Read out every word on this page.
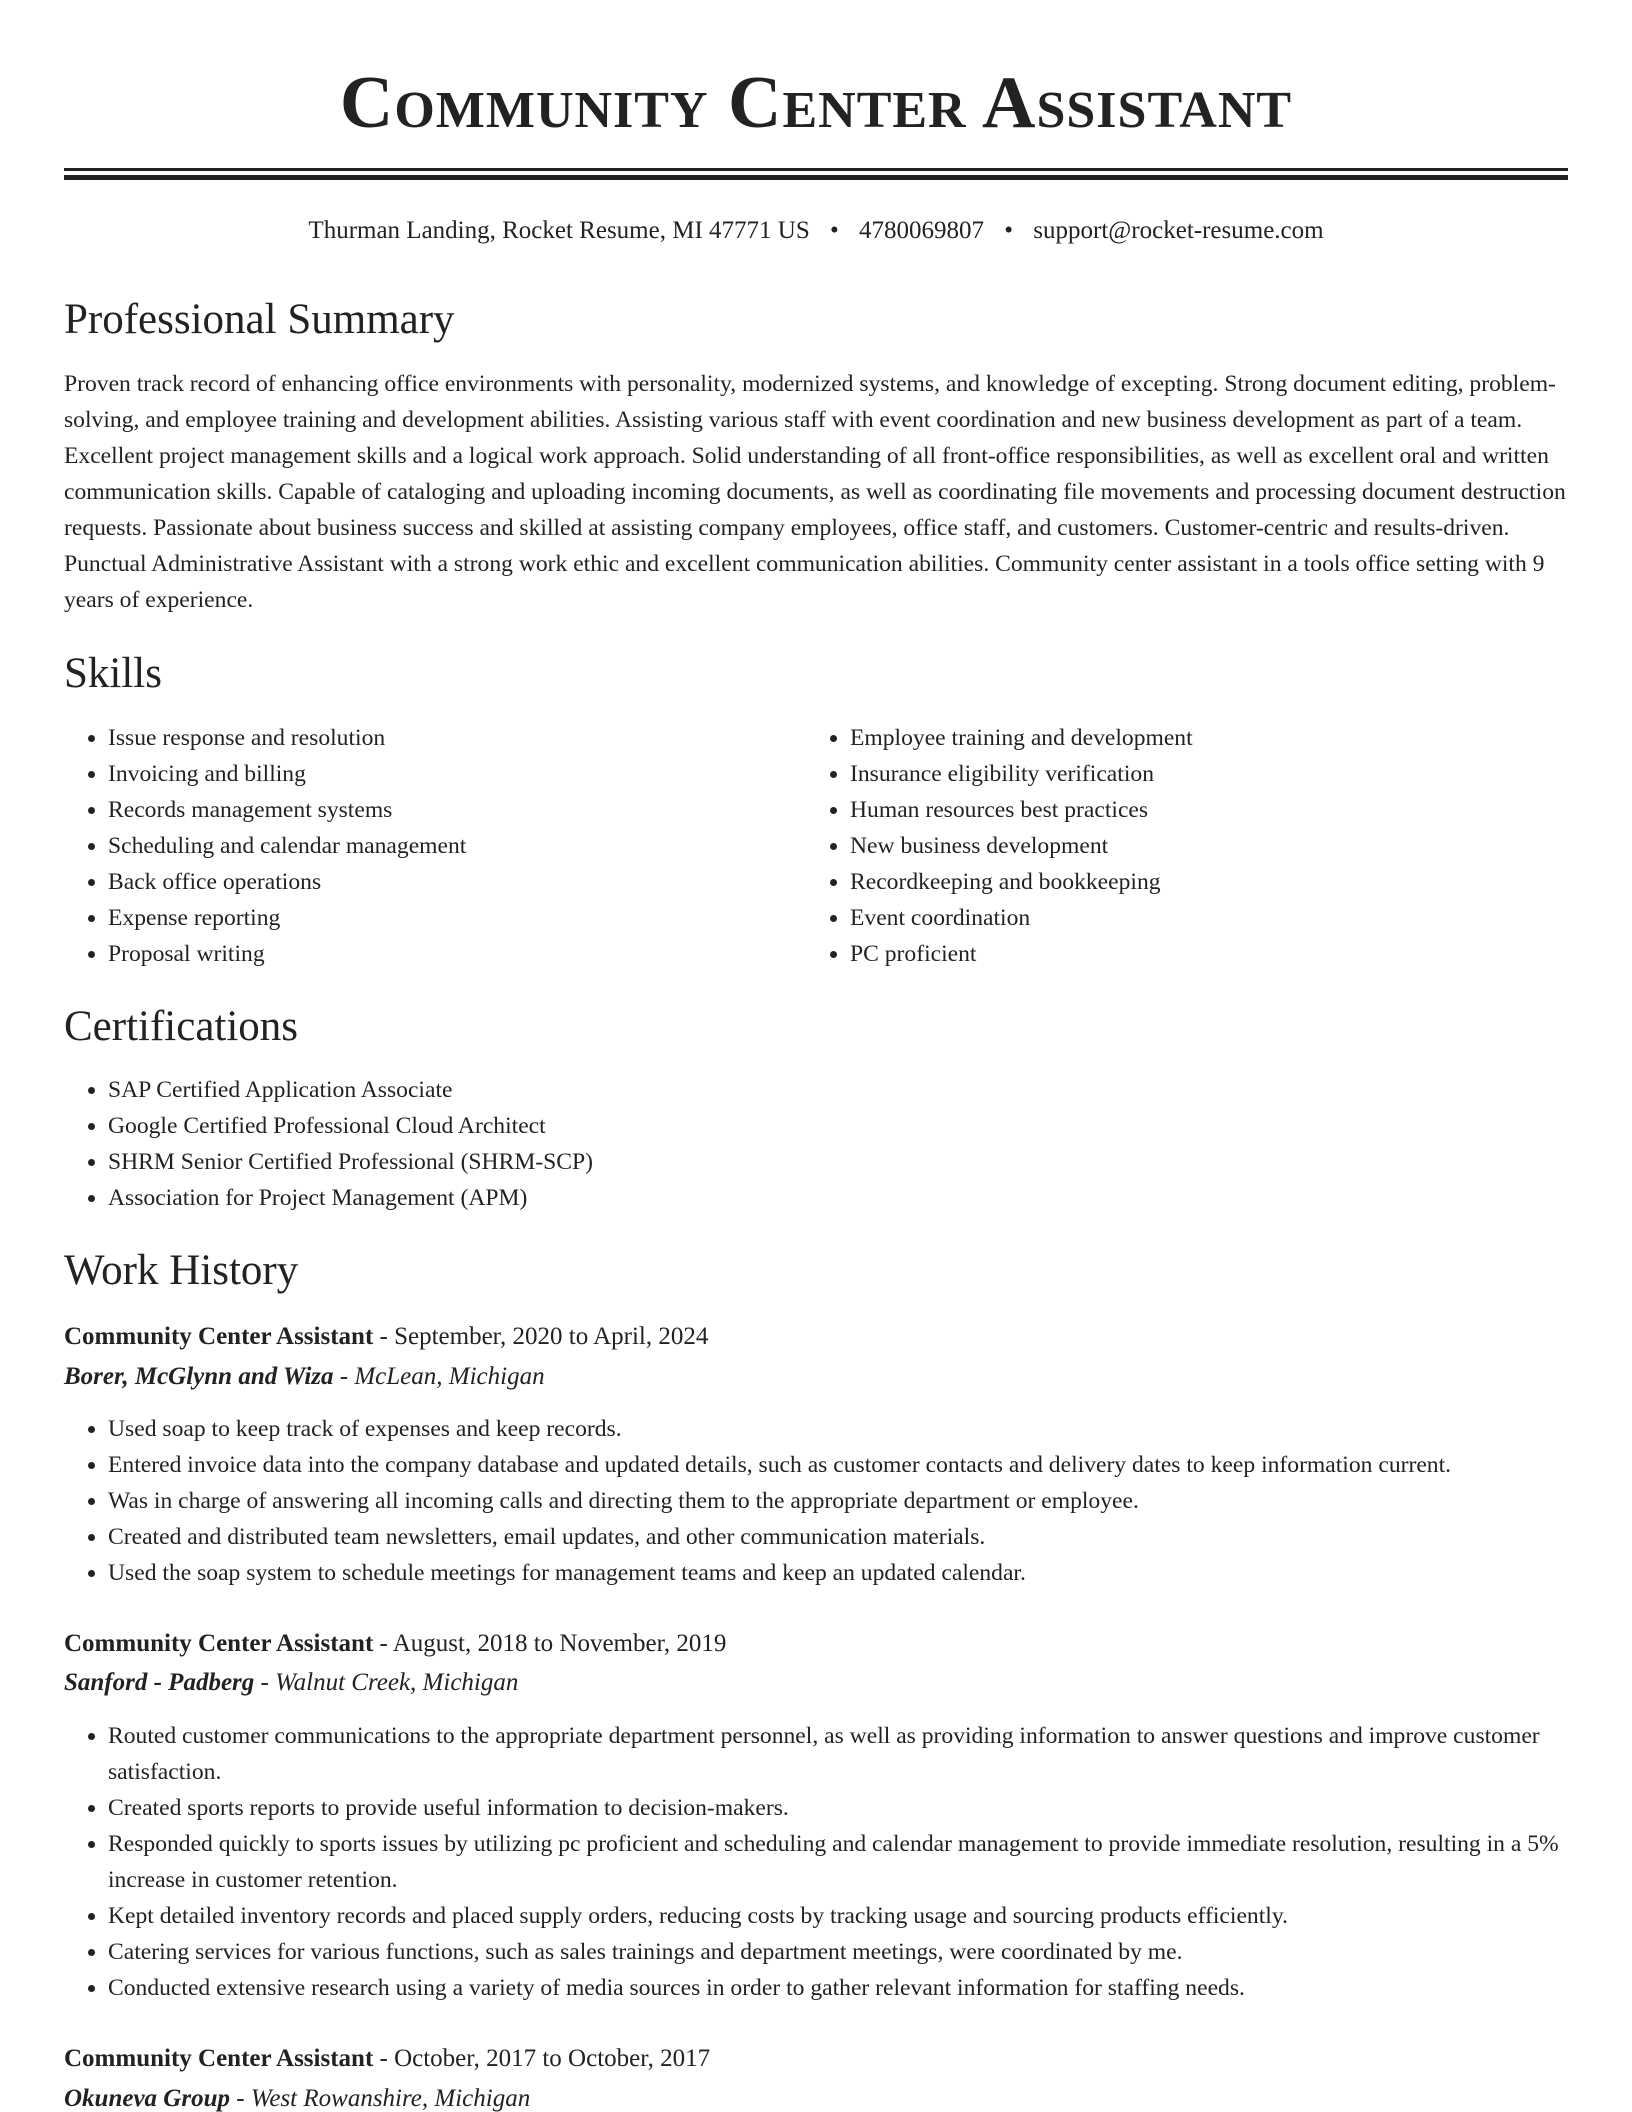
Community Center Assistant
Thurman Landing, Rocket Resume, MI 47771 US • 4780069807 • support@rocket-resume.com
Professional Summary

Proven track record of enhancing office environments with personality, modernized systems, and knowledge of excepting. Strong document editing, problem-solving, and employee training and development abilities. Assisting various staff with event coordination and new business development as part of a team. Excellent project management skills and a logical work approach. Solid understanding of all front-office responsibilities, as well as excellent oral and written communication skills. Capable of cataloging and uploading incoming documents, as well as coordinating file movements and processing document destruction requests. Passionate about business success and skilled at assisting company employees, office staff, and customers. Customer-centric and results-driven. Punctual Administrative Assistant with a strong work ethic and excellent communication abilities. Community center assistant in a tools office setting with 9 years of experience.

Skills
• Issue response and resolution
• Invoicing and billing
• Records management systems
• Scheduling and calendar management
• Back office operations
• Expense reporting
• Proposal writing
• Employee training and development
• Insurance eligibility verification
• Human resources best practices
• New business development
• Recordkeeping and bookkeeping
• Event coordination
• PC proficient
Certifications
• SAP Certified Application Associate
• Google Certified Professional Cloud Architect
• SHRM Senior Certified Professional (SHRM-SCP)
• Association for Project Management (APM)
Work History
Community Center Assistant - September, 2020 to April, 2024
Borer, McGlynn and Wiza - McLean, Michigan
• Used soap to keep track of expenses and keep records.
• Entered invoice data into the company database and updated details, such as customer contacts and delivery dates to keep information current.
• Was in charge of answering all incoming calls and directing them to the appropriate department or employee.
• Created and distributed team newsletters, email updates, and other communication materials.
• Used the soap system to schedule meetings for management teams and keep an updated calendar.
Community Center Assistant - August, 2018 to November, 2019
Sanford - Padberg - Walnut Creek, Michigan
• Routed customer communications to the appropriate department personnel, as well as providing information to answer questions and improve customer satisfaction.
• Created sports reports to provide useful information to decision-makers.
• Responded quickly to sports issues by utilizing pc proficient and scheduling and calendar management to provide immediate resolution, resulting in a 5% increase in customer retention.
• Kept detailed inventory records and placed supply orders, reducing costs by tracking usage and sourcing products efficiently.
• Catering services for various functions, such as sales trainings and department meetings, were coordinated by me.
• Conducted extensive research using a variety of media sources in order to gather relevant information for staffing needs.
Community Center Assistant - October, 2017 to October, 2017
Okuneva Group - West Rowanshire, Michigan
